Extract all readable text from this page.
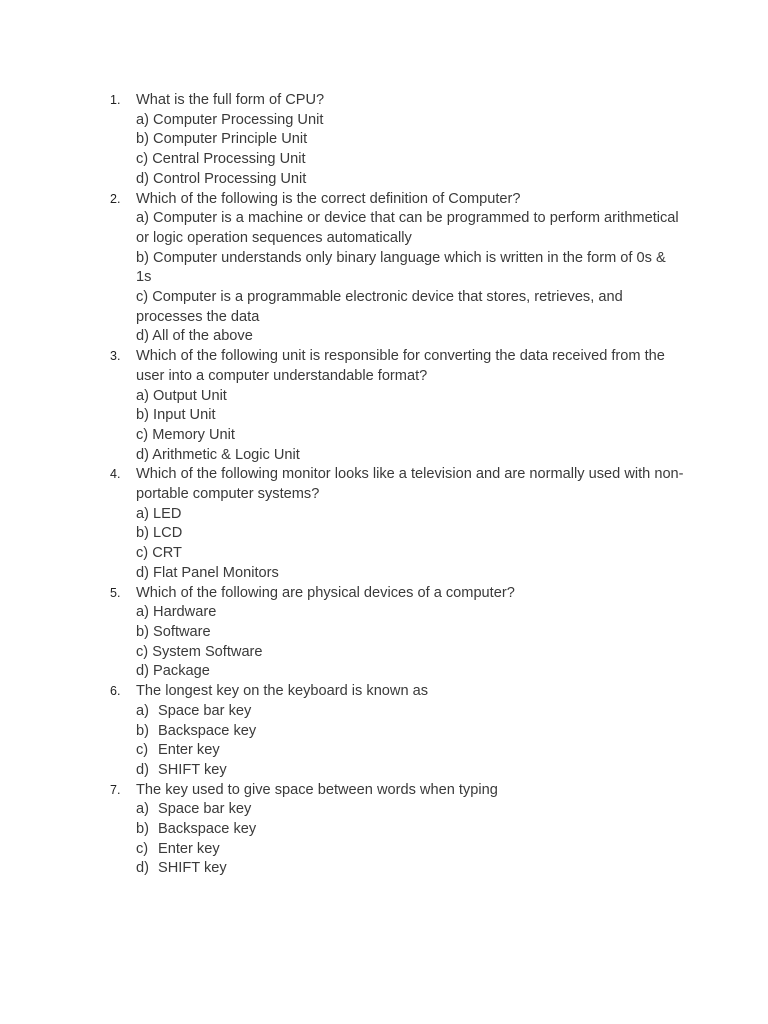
1.	What is the full form of CPU?
a) Computer Processing Unit
b) Computer Principle Unit
c) Central Processing Unit
d) Control Processing Unit
2.	Which of the following is the correct definition of Computer?
a) Computer is a machine or device that can be programmed to perform arithmetical or logic operation sequences automatically
b) Computer understands only binary language which is written in the form of 0s & 1s
c) Computer is a programmable electronic device that stores, retrieves, and processes the data
d) All of the above
3.	Which of the following unit is responsible for converting the data received from the user into a computer understandable format?
a) Output Unit
b) Input Unit
c) Memory Unit
d) Arithmetic & Logic Unit
4.	Which of the following monitor looks like a television and are normally used with non-portable computer systems?
a) LED
b) LCD
c) CRT
d) Flat Panel Monitors
5.	Which of the following are physical devices of a computer?
a) Hardware
b) Software
c) System Software
d) Package
6.	The longest key on the keyboard is known as
a) Space bar key
b) Backspace key
c) Enter key
d) SHIFT key
7.	The key used to give space between words when typing
a) Space bar key
b) Backspace key
c) Enter key
d) SHIFT key
